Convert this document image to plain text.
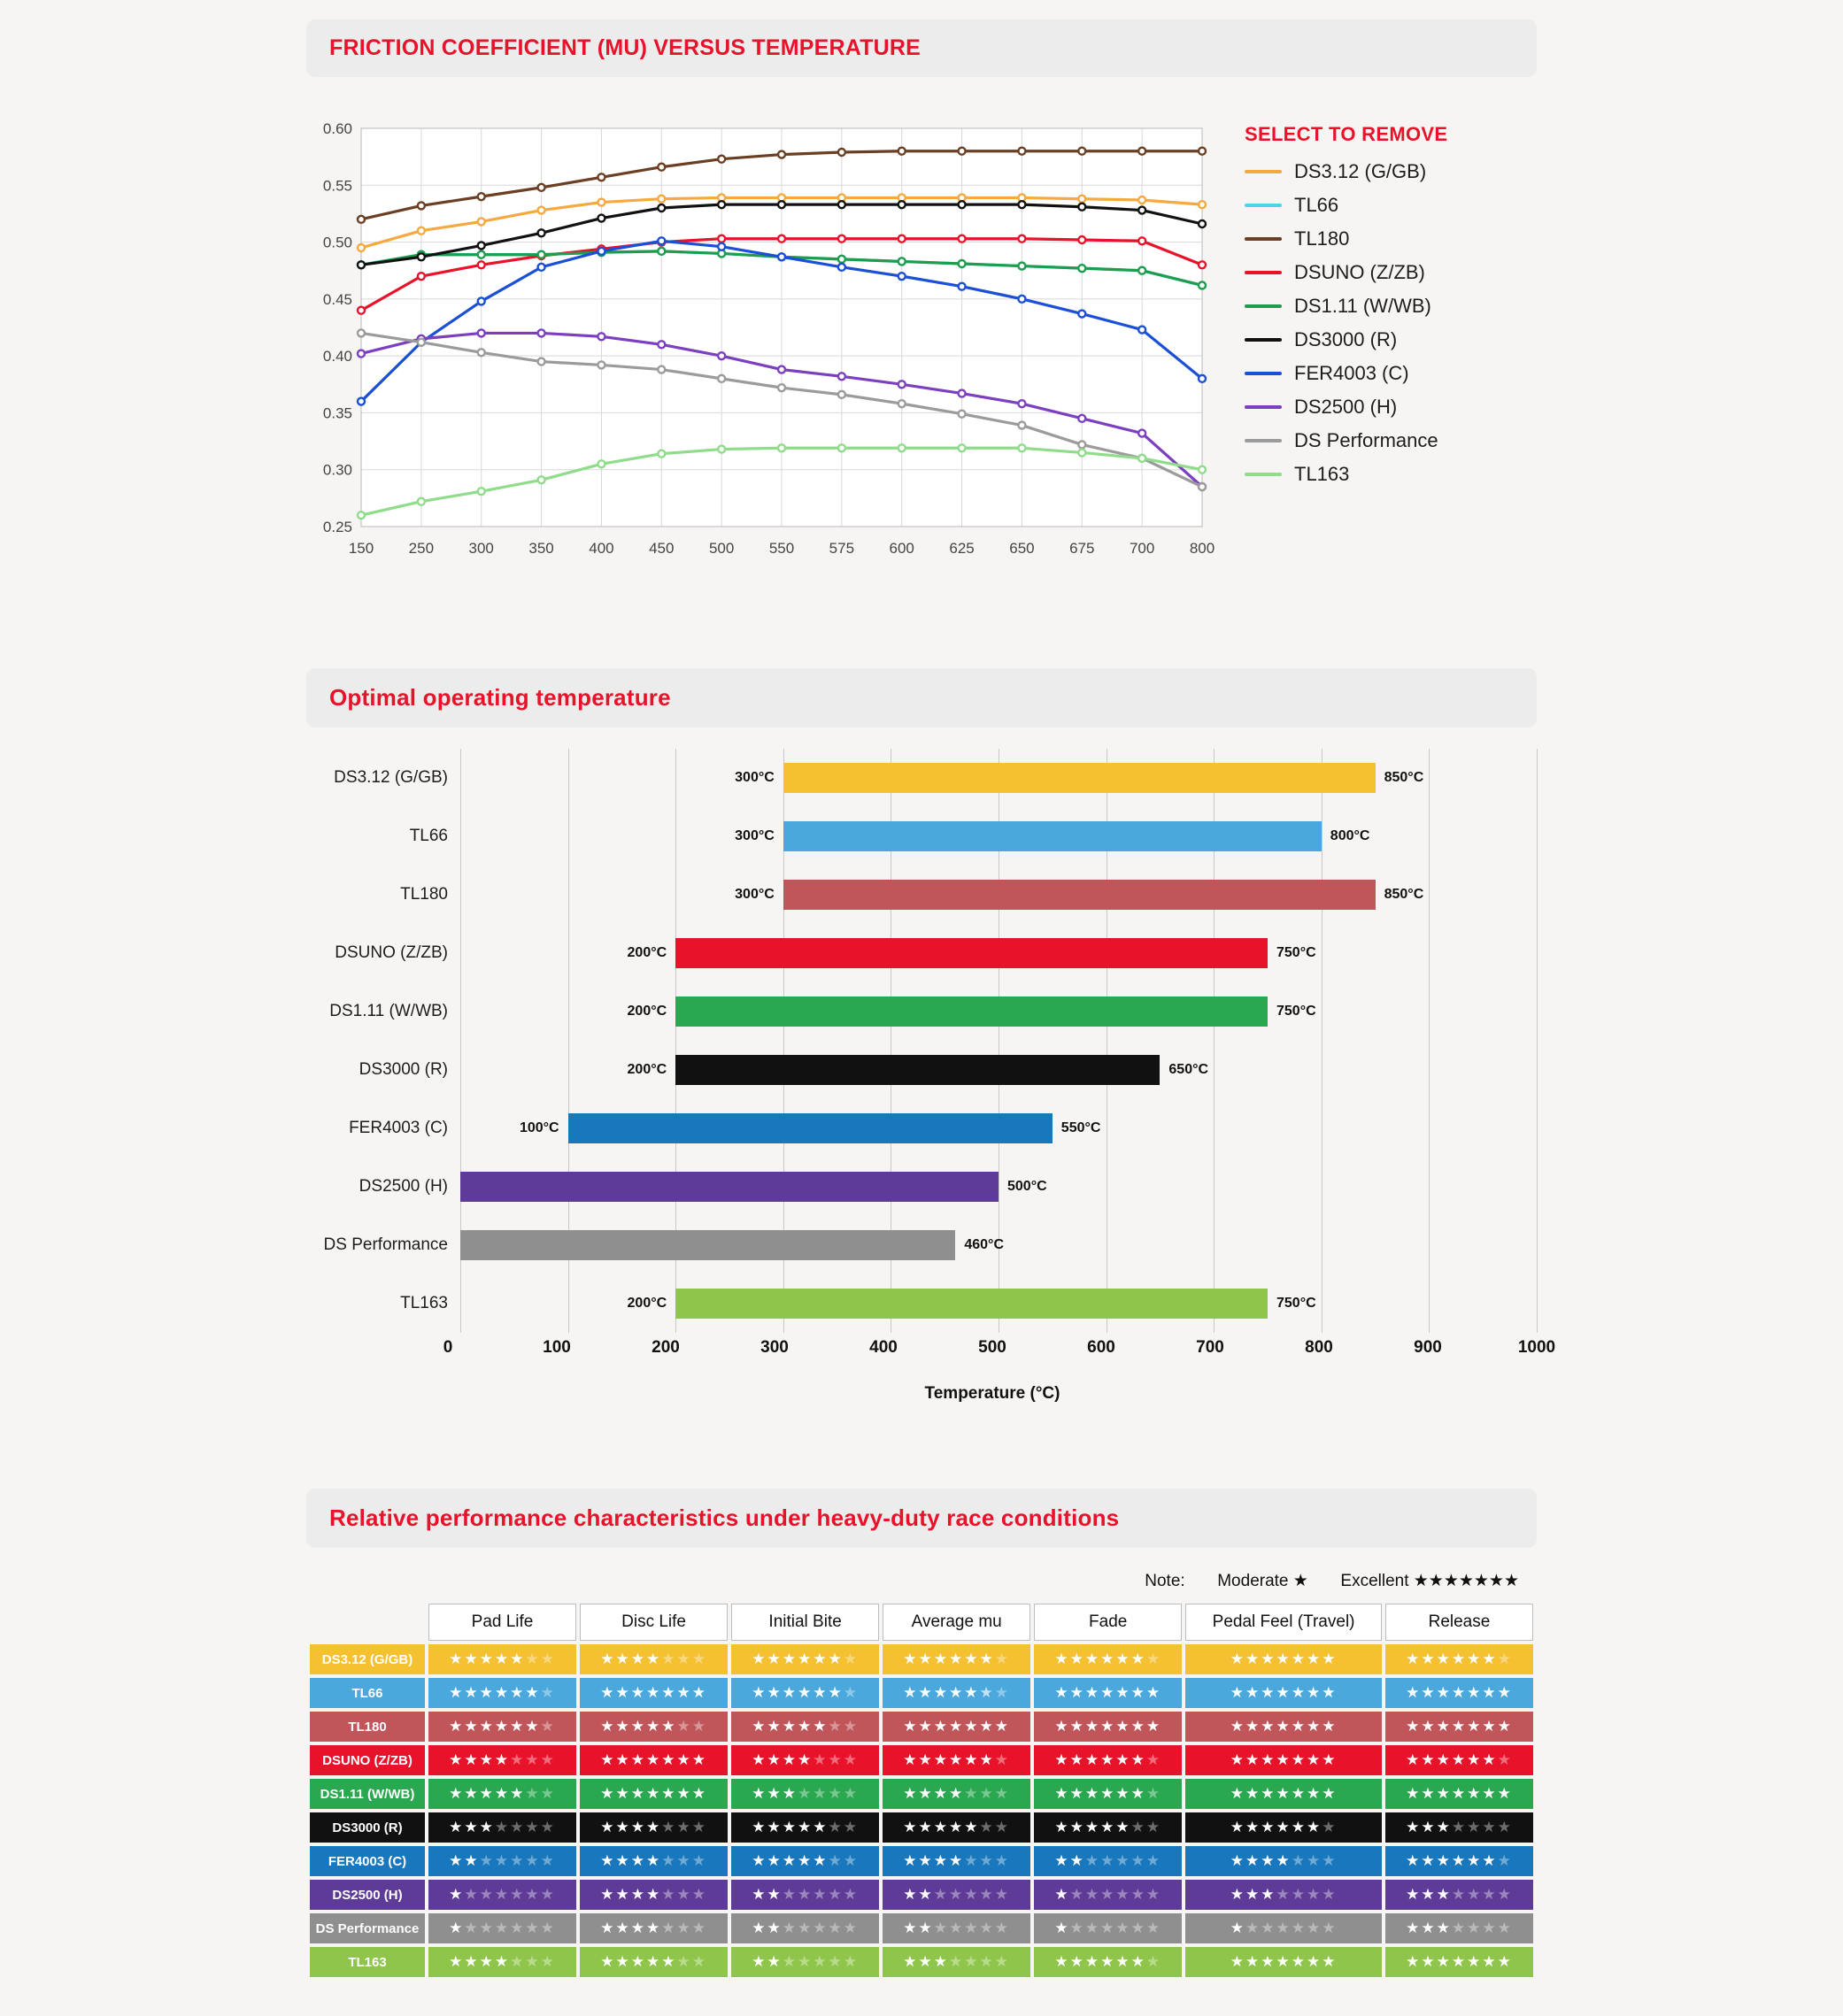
FRICTION COEFFICIENT (MU) VERSUS TEMPERATURE
0.25
0.30
0.35
0.40
0.45
0.50
0.55
0.60
150 250 300 350 400 450 500 550 575 600 625 650 675 700 800
SELECT TO REMOVE
DS3.12 (G/GB)
TL66
TL180
DSUNO (Z/ZB)
DS1.11 (W/WB)
DS3000 (R)
FER4003 (C)
DS2500 (H)
DS Performance
TL163
Optimal operating temperature
DS3.12 (G/GB)	300°C	850°C
TL66	300°C	800°C
TL180	300°C	850°C
DSUNO (Z/ZB)	200°C	750°C
DS1.11 (W/WB)	200°C	750°C
DS3000 (R)	200°C	650°C
FER4003 (C)	100°C	550°C
DS2500 (H)	500°C
DS Performance	460°C
TL163	200°C	750°C
0	100	200	300	400	500	600	700	800	900	1000
Temperature (°C)
Relative performance characteristics under heavy-duty race conditions
Note: Moderate ★ Excellent ★★★★★★★
	Pad Life	Disc Life	Initial Bite	Average mu	Fade	Pedal Feel (Travel)	Release
DS3.12 (G/GB)	★★★★★★★	★★★★★★★	★★★★★★★	★★★★★★★	★★★★★★★	★★★★★★★	★★★★★★★
TL66	★★★★★★★	★★★★★★★	★★★★★★★	★★★★★★★	★★★★★★★	★★★★★★★	★★★★★★★
TL180	★★★★★★★	★★★★★★★	★★★★★★★	★★★★★★★	★★★★★★★	★★★★★★★	★★★★★★★
DSUNO (Z/ZB)	★★★★★★★	★★★★★★★	★★★★★★★	★★★★★★★	★★★★★★★	★★★★★★★	★★★★★★★
DS1.11 (W/WB)	★★★★★★★	★★★★★★★	★★★★★★★	★★★★★★★	★★★★★★★	★★★★★★★	★★★★★★★
DS3000 (R)	★★★★★★★	★★★★★★★	★★★★★★★	★★★★★★★	★★★★★★★	★★★★★★★	★★★★★★★
FER4003 (C)	★★★★★★★	★★★★★★★	★★★★★★★	★★★★★★★	★★★★★★★	★★★★★★★	★★★★★★★
DS2500 (H)	★★★★★★★	★★★★★★★	★★★★★★★	★★★★★★★	★★★★★★★	★★★★★★★	★★★★★★★
DS Performance	★★★★★★★	★★★★★★★	★★★★★★★	★★★★★★★	★★★★★★★	★★★★★★★	★★★★★★★
TL163	★★★★★★★	★★★★★★★	★★★★★★★	★★★★★★★	★★★★★★★	★★★★★★★	★★★★★★★
